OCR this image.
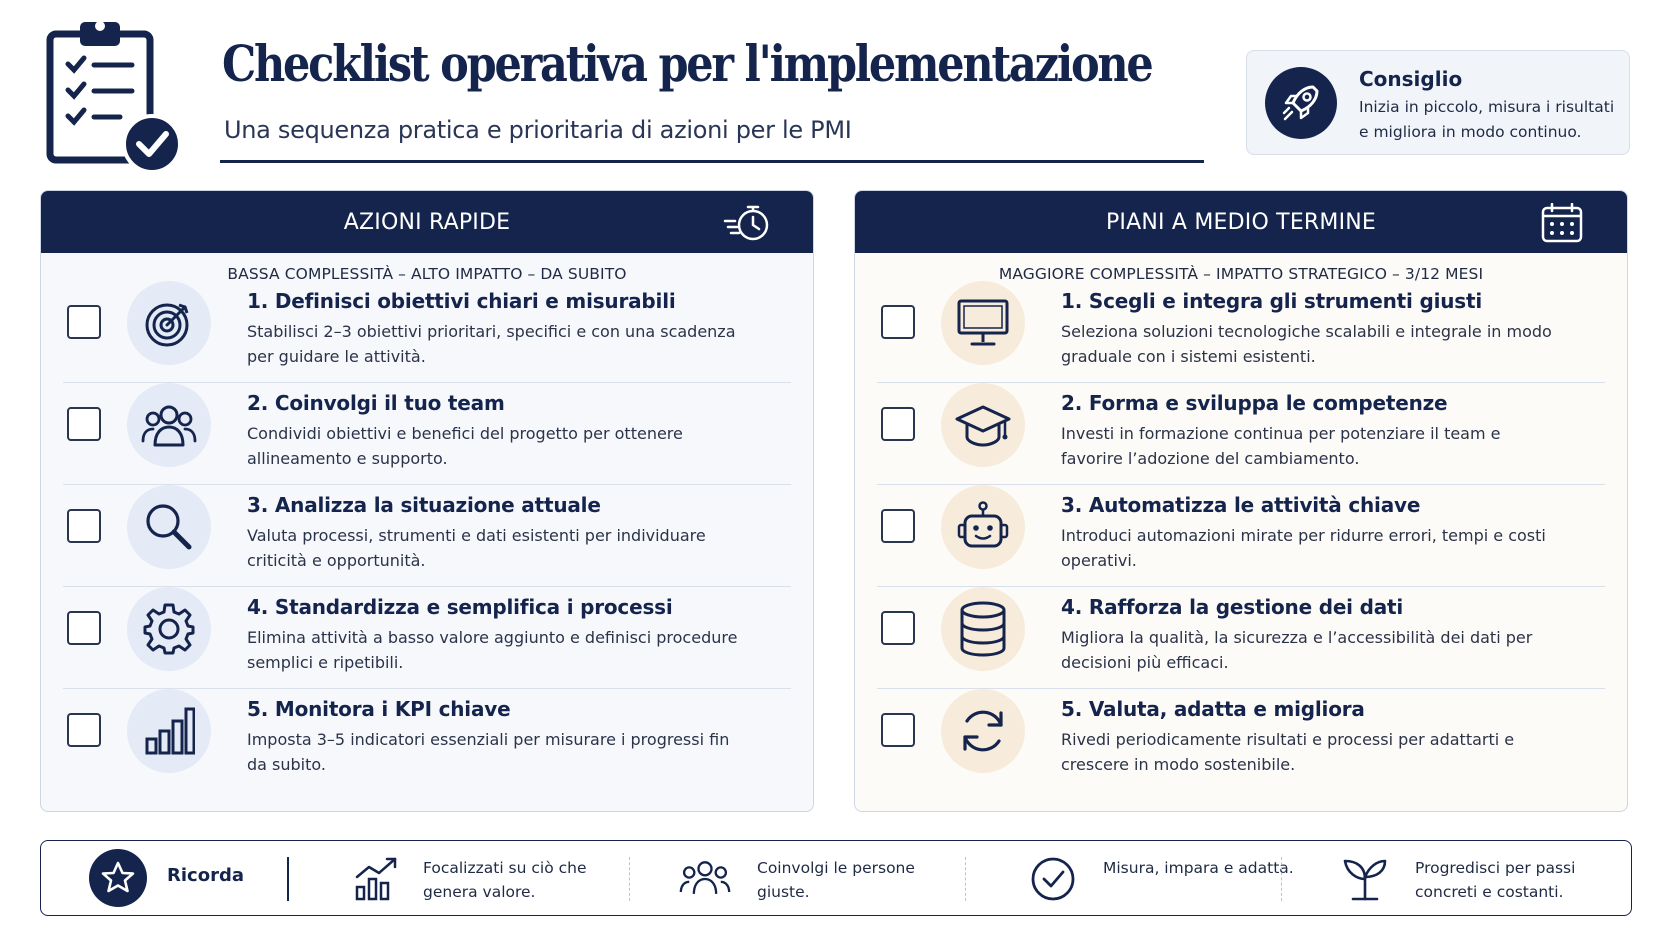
Checklist operativa per l'implementazione
Una sequenza pratica e prioritaria di azioni per le PMI
Consiglio
Inizia in piccolo, misura i risultati e migliora in modo continuo.
AZIONI RAPIDE
BASSA COMPLESSITÀ – ALTO IMPATTO – DA SUBITO
1. Definisci obiettivi chiari e misurabili
Stabilisci 2–3 obiettivi prioritari, specifici e con una scadenza per guidare le attività.
2. Coinvolgi il tuo team
Condividi obiettivi e benefici del progetto per ottenere allineamento e supporto.
3. Analizza la situazione attuale
Valuta processi, strumenti e dati esistenti per individuare criticità e opportunità.
4. Standardizza e semplifica i processi
Elimina attività a basso valore aggiunto e definisci procedure semplici e ripetibili.
5. Monitora i KPI chiave
Imposta 3–5 indicatori essenziali per misurare i progressi fin da subito.
PIANI A MEDIO TERMINE
MAGGIORE COMPLESSITÀ – IMPATTO STRATEGICO – 3/12 MESI
1. Scegli e integra gli strumenti giusti
Seleziona soluzioni tecnologiche scalabili e integrale in modo graduale con i sistemi esistenti.
2. Forma e sviluppa le competenze
Investi in formazione continua per potenziare il team e favorire l’adozione del cambiamento.
3. Automatizza le attività chiave
Introduci automazioni mirate per ridurre errori, tempi e costi operativi.
4. Rafforza la gestione dei dati
Migliora la qualità, la sicurezza e l’accessibilità dei dati per decisioni più efficaci.
5. Valuta, adatta e migliora
Rivedi periodicamente risultati e processi per adattarti e crescere in modo sostenibile.
Ricorda	Focalizzati su ciò che genera valore.
Coinvolgi le persone giuste.
Misura, impara e adatta.	Progredisci per passi concreti e costanti.
